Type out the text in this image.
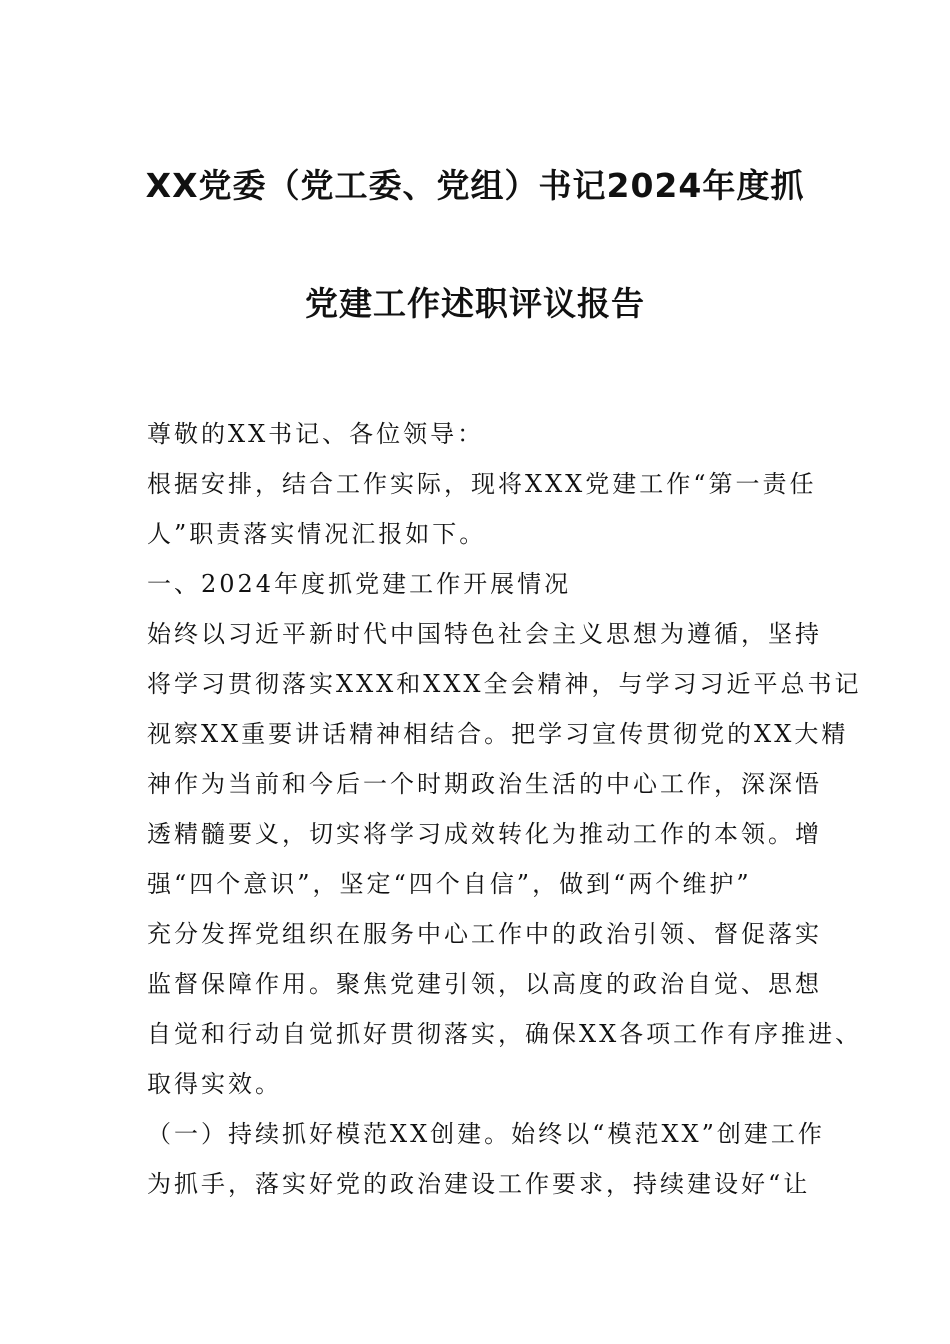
XX党委（党工委、党组）书记2024年度抓
党建工作述职评议报告
尊敬的XX书记、各位领导：
根据安排，结合工作实际，现将XXX党建工作“第一责任
人”职责落实情况汇报如下。
一、2024年度抓党建工作开展情况
始终以习近平新时代中国特色社会主义思想为遵循，坚持
将学习贯彻落实XXX和XXX全会精神，与学习习近平总书记
视察XX重要讲话精神相结合。把学习宣传贯彻党的XX大精
神作为当前和今后一个时期政治生活的中心工作，深深悟
透精髓要义，切实将学习成效转化为推动工作的本领。增
强“四个意识”，坚定“四个自信”，做到“两个维护”
充分发挥党组织在服务中心工作中的政治引领、督促落实
监督保障作用。聚焦党建引领，以高度的政治自觉、思想
自觉和行动自觉抓好贯彻落实，确保XX各项工作有序推进、
取得实效。
（一）持续抓好模范XX创建。始终以“模范XX”创建工作
为抓手，落实好党的政治建设工作要求，持续建设好“让
